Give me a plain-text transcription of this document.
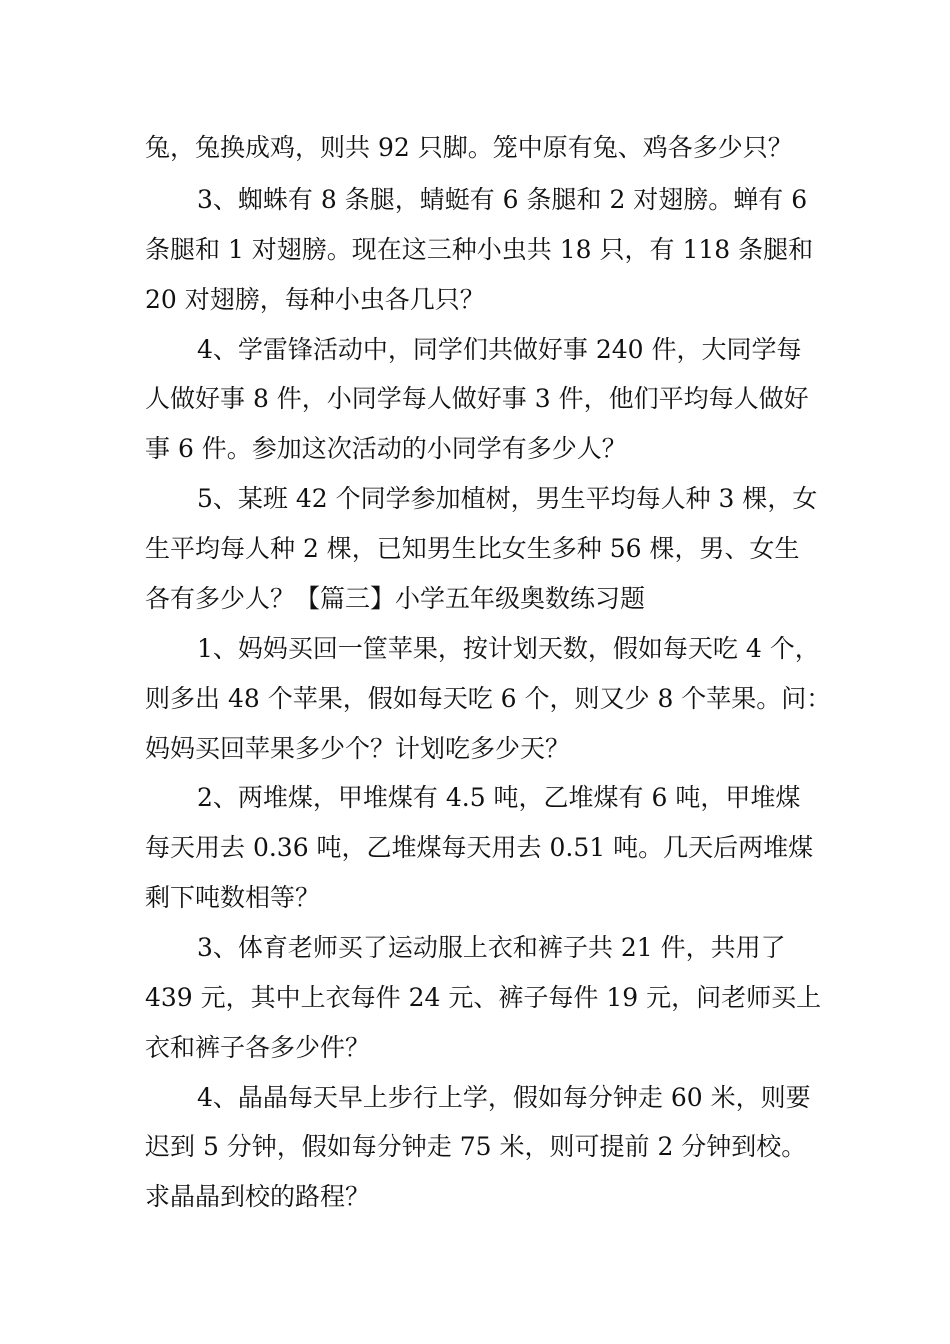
兔，兔换成鸡，则共 92 只脚。笼中原有兔、鸡各多少只？
3、蜘蛛有 8 条腿，蜻蜓有 6 条腿和 2 对翅膀。蝉有 6
条腿和 1 对翅膀。现在这三种小虫共 18 只，有 118 条腿和
20 对翅膀，每种小虫各几只？
4、学雷锋活动中，同学们共做好事 240 件，大同学每
人做好事 8 件，小同学每人做好事 3 件，他们平均每人做好
事 6 件。参加这次活动的小同学有多少人？
5、某班 42 个同学参加植树，男生平均每人种 3 棵，女
生平均每人种 2 棵，已知男生比女生多种 56 棵，男、女生
各有多少人？【篇三】小学五年级奥数练习题
1、妈妈买回一筐苹果，按计划天数，假如每天吃 4 个，
则多出 48 个苹果，假如每天吃 6 个，则又少 8 个苹果。问：
妈妈买回苹果多少个？计划吃多少天？
2、两堆煤，甲堆煤有 4.5 吨，乙堆煤有 6 吨，甲堆煤
每天用去 0.36 吨，乙堆煤每天用去 0.51 吨。几天后两堆煤
剩下吨数相等？
3、体育老师买了运动服上衣和裤子共 21 件，共用了
439 元，其中上衣每件 24 元、裤子每件 19 元，问老师买上
衣和裤子各多少件？
4、晶晶每天早上步行上学，假如每分钟走 60 米，则要
迟到 5 分钟，假如每分钟走 75 米，则可提前 2 分钟到校。
求晶晶到校的路程？
